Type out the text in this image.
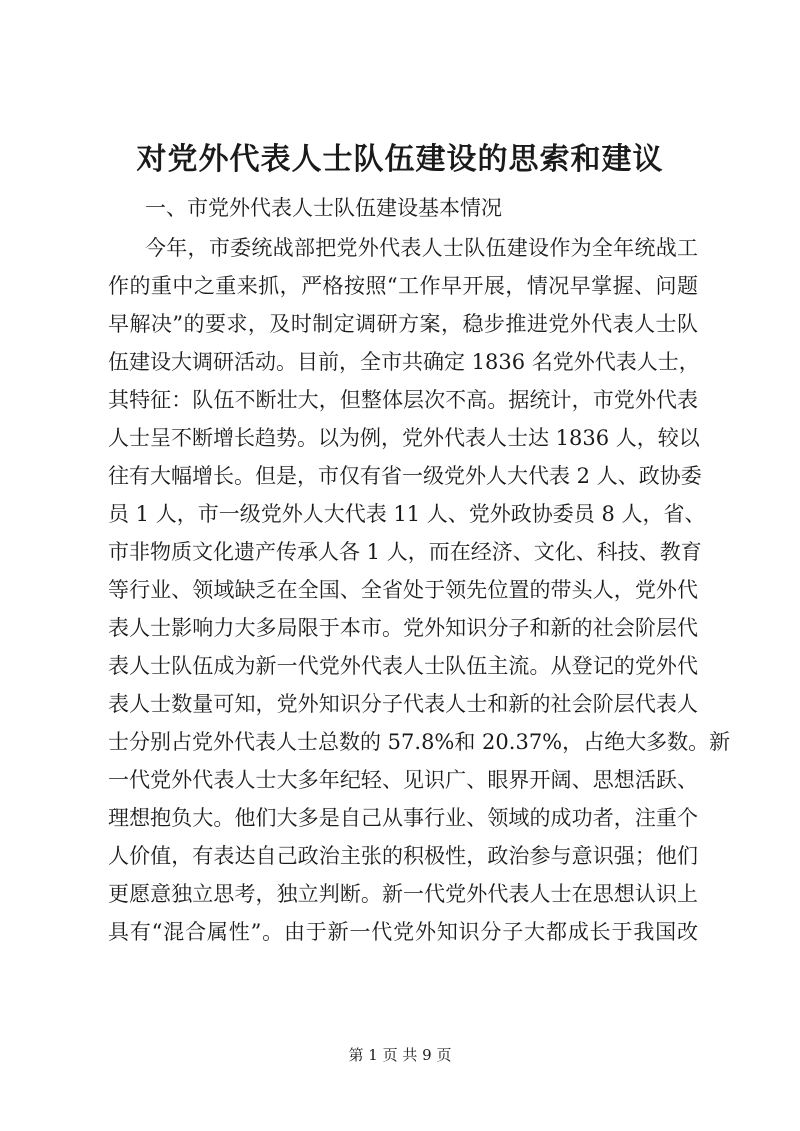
对党外代表人士队伍建设的思索和建议
一、市党外代表人士队伍建设基本情况
今年，市委统战部把党外代表人士队伍建设作为全年统战工
作的重中之重来抓，严格按照“工作早开展，情况早掌握、问题
早解决”的要求，及时制定调研方案，稳步推进党外代表人士队
伍建设大调研活动。目前，全市共确定 1836 名党外代表人士，
其特征：队伍不断壮大，但整体层次不高。据统计，市党外代表
人士呈不断增长趋势。以为例，党外代表人士达 1836 人，较以
往有大幅增长。但是，市仅有省一级党外人大代表 2 人、政协委
员 1 人，市一级党外人大代表 11 人、党外政协委员 8 人，省、
市非物质文化遗产传承人各 1 人，而在经济、文化、科技、教育
等行业、领域缺乏在全国、全省处于领先位置的带头人，党外代
表人士影响力大多局限于本市。党外知识分子和新的社会阶层代
表人士队伍成为新一代党外代表人士队伍主流。从登记的党外代
表人士数量可知，党外知识分子代表人士和新的社会阶层代表人
士分别占党外代表人士总数的 57.8%和 20.37%，占绝大多数。新
一代党外代表人士大多年纪轻、见识广、眼界开阔、思想活跃、
理想抱负大。他们大多是自己从事行业、领域的成功者，注重个
人价值，有表达自己政治主张的积极性，政治参与意识强；他们
更愿意独立思考，独立判断。新一代党外代表人士在思想认识上
具有“混合属性”。由于新一代党外知识分子大都成长于我国改
第 1 页 共 9 页
